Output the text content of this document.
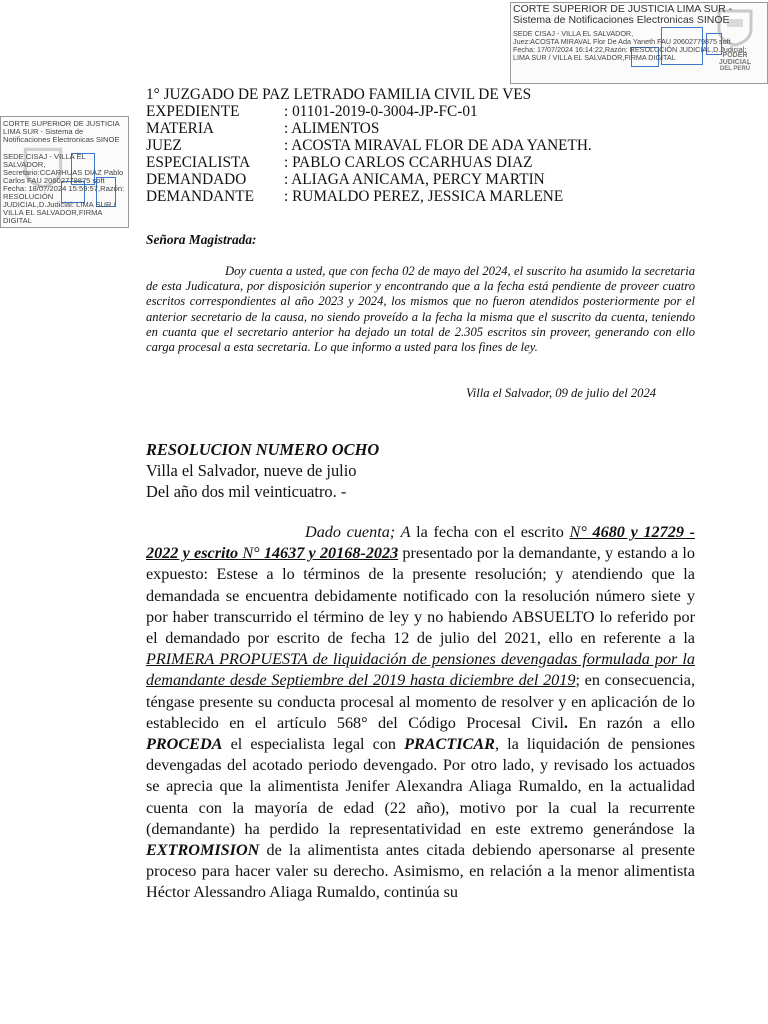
PODER JUDICIAL
DEL PERÚ
CORTE SUPERIOR DE JUSTICIA LIMA SUR -
Sistema de Notificaciones Electronicas SINOE
SEDE CISAJ - VILLA EL SALVADOR,
Juez:ACOSTA MIRAVAL Flor De Ada Yaneth FAU 20602779875 soft
Fecha: 17/07/2024 16:14:22,Razón: RESOLUCIÓN JUDICIAL,D.Judicial:
LIMA SUR / VILLA EL SALVADOR,FIRMA DIGITAL
CORTE SUPERIOR DE JUSTICIA
LIMA SUR - Sistema de
Notificaciones Electronicas SINOE
SEDE CISAJ - VILLA EL
SALVADOR,
Secretario:CCARHUAS DIAZ Pablo
Carlos FAU 20602779875 soft
Fecha: 18/07/2024 15:59:57,Razón:
RESOLUCIÓN
JUDICIAL,D.Judicial: LIMA SUR /
VILLA EL SALVADOR,FIRMA
DIGITAL
1° JUZGADO DE PAZ LETRADO FAMILIA CIVIL DE VES
EXPEDIENTE	: 01101-2019-0-3004-JP-FC-01
MATERIA	: ALIMENTOS
JUEZ	: ACOSTA MIRAVAL FLOR DE ADA YANETH.
ESPECIALISTA	: PABLO CARLOS CCARHUAS DIAZ
DEMANDADO	: ALIAGA ANICAMA, PERCY MARTIN
DEMANDANTE	: RUMALDO PEREZ, JESSICA MARLENE
Señora Magistrada:
Doy cuenta a usted, que con fecha 02 de mayo del 2024, el suscrito ha asumido la secretaria de esta Judicatura, por disposición superior y encontrando que a la fecha está pendiente de proveer cuatro escritos correspondientes al año 2023 y 2024, los mismos que no fueron atendidos posteriormente por el anterior secretario de la causa, no siendo proveído a la fecha la misma que el suscrito da cuenta, teniendo en cuanta que el secretario anterior ha dejado un total de 2.305 escritos sin proveer, generando con ello carga procesal a esta secretaria. Lo que informo a usted para los fines de ley.
Villa el Salvador, 09 de julio del 2024
RESOLUCION NUMERO OCHO
Villa el Salvador, nueve de julio
Del año dos mil veinticuatro. -
Dado cuenta; A la fecha con el escrito N° 4680 y 12729 - 2022 y escrito N° 14637 y 20168-2023 presentado por la demandante, y estando a lo expuesto: Estese a lo términos de la presente resolución; y atendiendo que la demandada se encuentra debidamente notificado con la resolución número siete y por haber transcurrido el término de ley y no habiendo ABSUELTO lo referido por el demandado por escrito de fecha 12 de julio del 2021, ello en referente a la PRIMERA PROPUESTA de liquidación de pensiones devengadas formulada por la demandante desde Septiembre del 2019 hasta diciembre del 2019; en consecuencia, téngase presente su conducta procesal al momento de resolver y en aplicación de lo establecido en el artículo 568° del Código Procesal Civil. En razón a ello PROCEDA el especialista legal con PRACTICAR, la liquidación de pensiones devengadas del acotado periodo devengado. Por otro lado, y revisado los actuados se aprecia que la alimentista Jenifer Alexandra Aliaga Rumaldo, en la actualidad cuenta con la mayoría de edad (22 año), motivo por la cual la recurrente (demandante) ha perdido la representatividad en este extremo generándose la EXTROMISION de la alimentista antes citada debiendo apersonarse al presente proceso para hacer valer su derecho. Asimismo, en relación a la menor alimentista Héctor Alessandro Aliaga Rumaldo, continúa su
